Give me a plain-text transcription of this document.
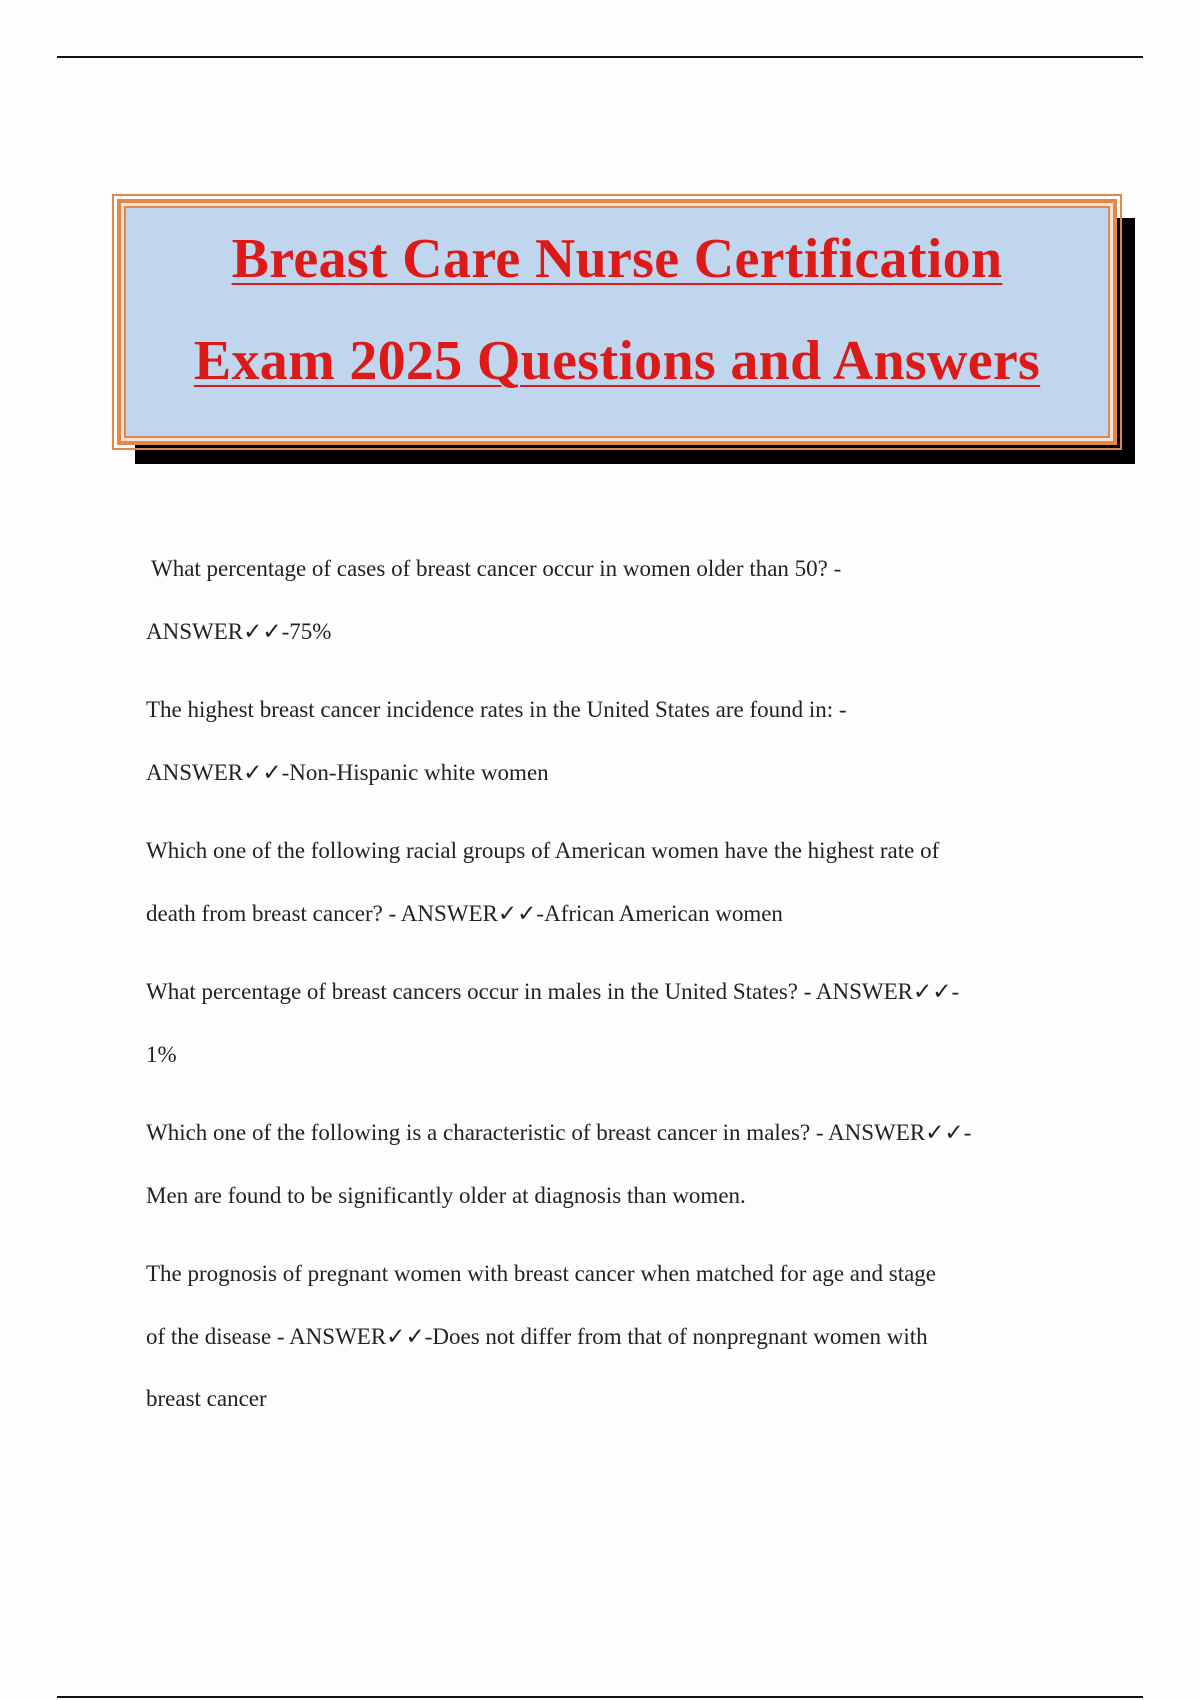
Breast Care Nurse Certification
Exam 2025 Questions and Answers

What percentage of cases of breast cancer occur in women older than 50? -

ANSWER✓✓-75%

The highest breast cancer incidence rates in the United States are found in: -

ANSWER✓✓-Non-Hispanic white women

Which one of the following racial groups of American women have the highest rate of

death from breast cancer? - ANSWER✓✓-African American women

What percentage of breast cancers occur in males in the United States? - ANSWER✓✓-

1%

Which one of the following is a characteristic of breast cancer in males? - ANSWER✓✓-

Men are found to be significantly older at diagnosis than women.

The prognosis of pregnant women with breast cancer when matched for age and stage

of the disease - ANSWER✓✓-Does not differ from that of nonpregnant women with

breast cancer
